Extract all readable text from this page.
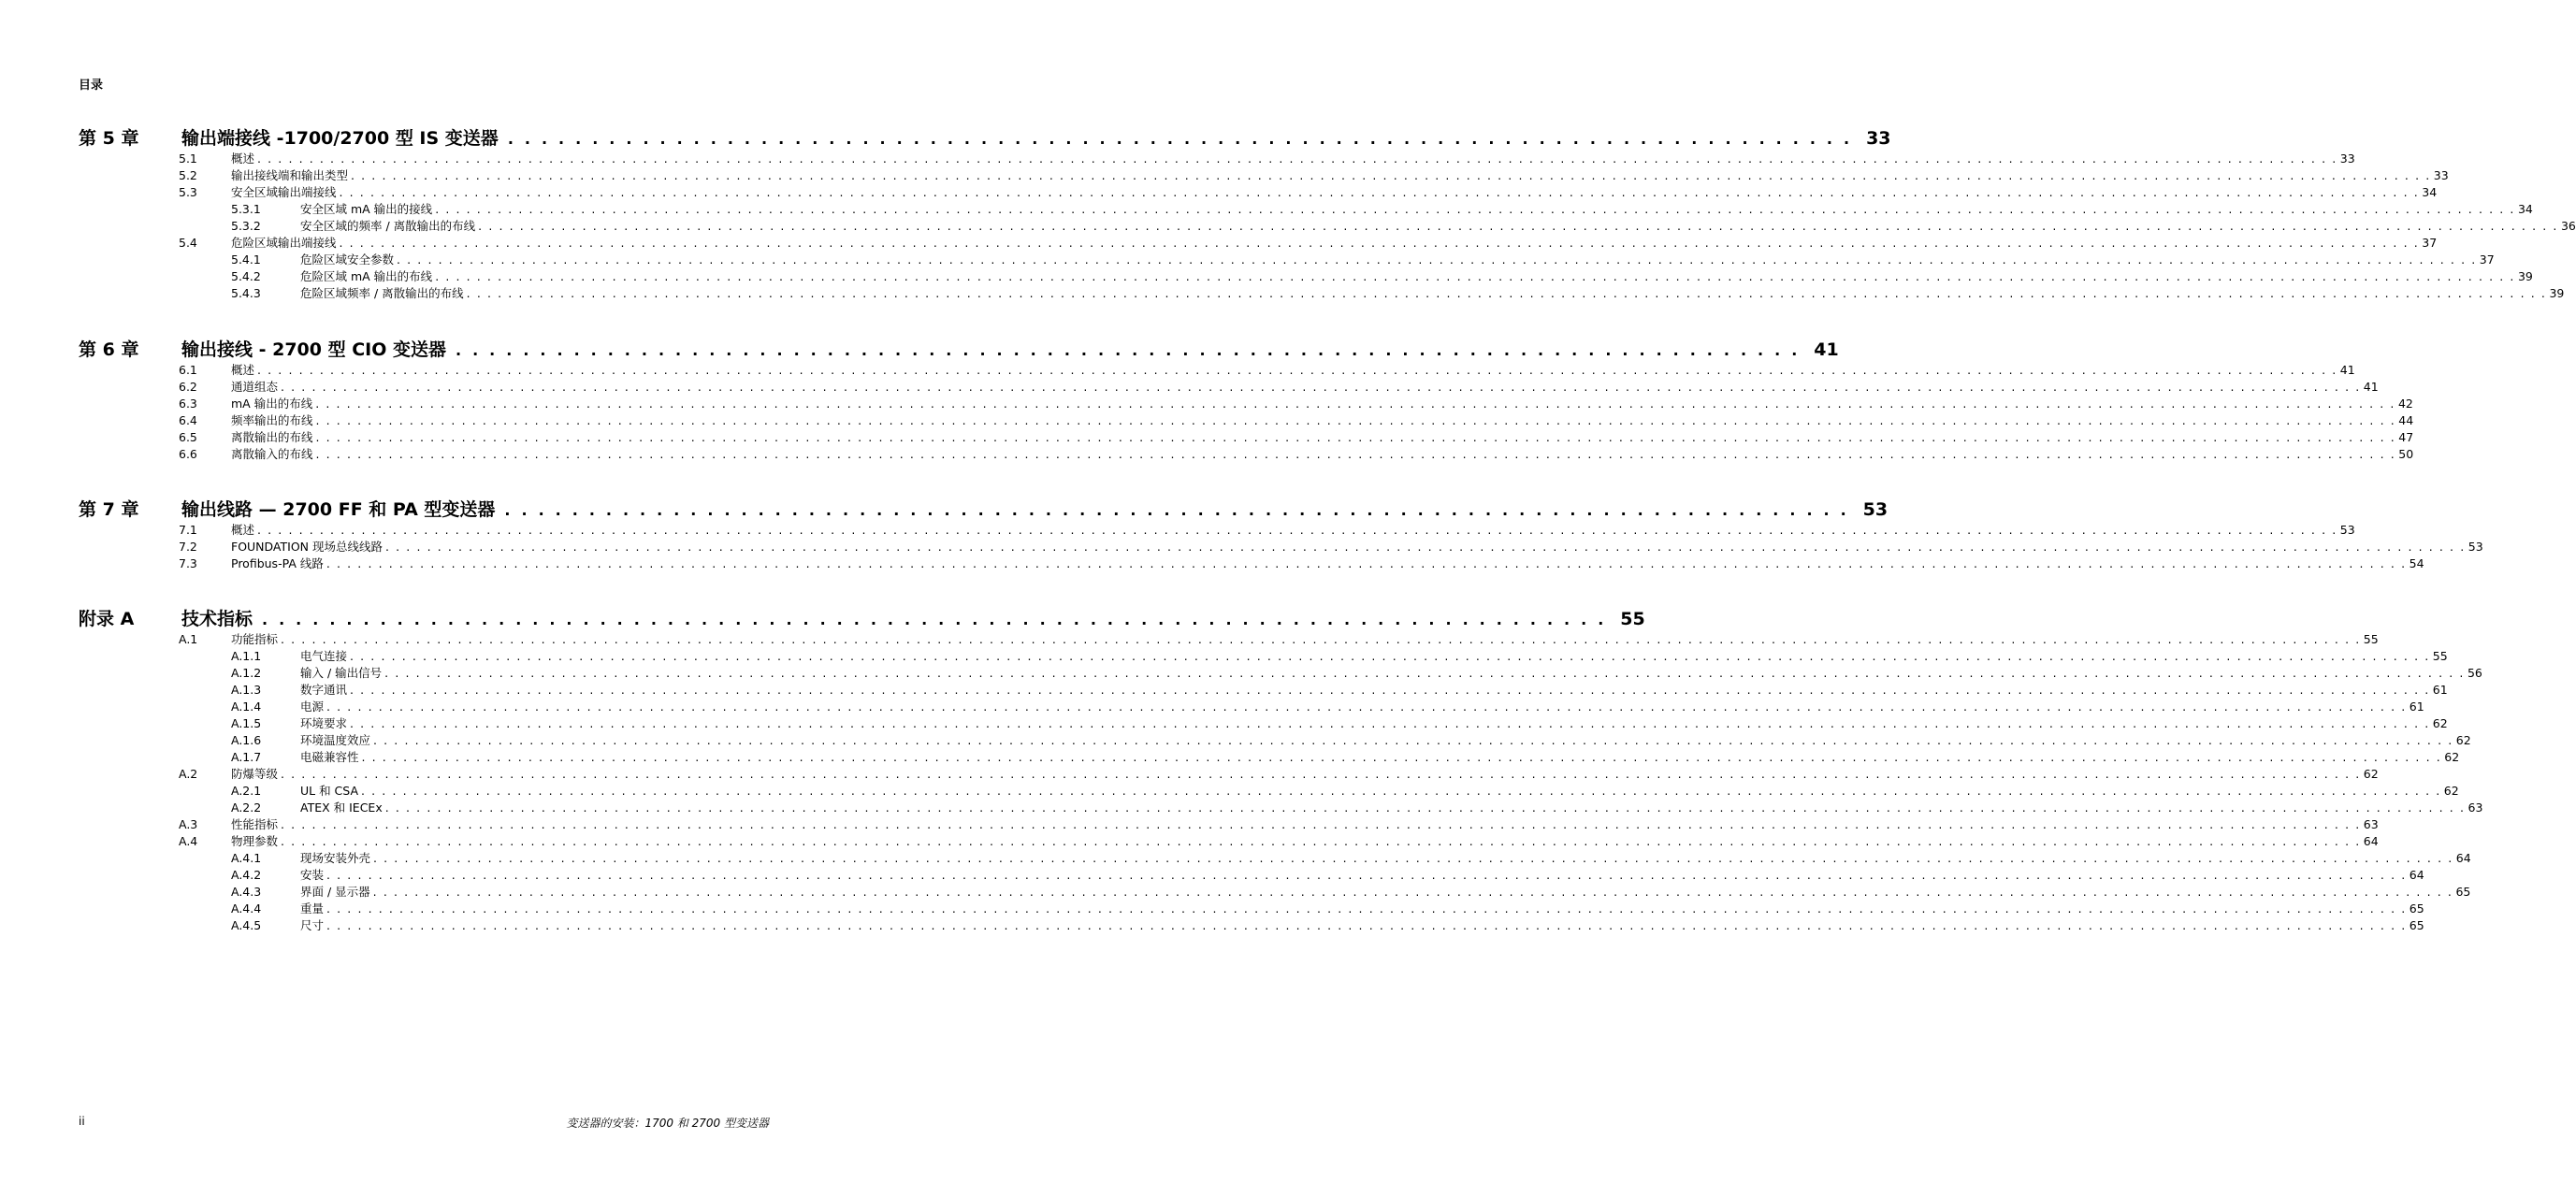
目录
第 5 章 输出端接线 -1700/2700 型 IS 变送器 ................................................................................ 33
5.1	概述 . . . . . . . . . . . . . . . . . . . . . . . . . . . . . . . . . . . . . . . . . . . . . . . . . . . . . . . . . . . . . . . . . . . . . . . . . . . . . . . . . . . . . . . . . . . . . . . . . . . . . . . . . . . . . . . . . . . . . . . . . . . . . . . . . . . . . . . . . . . . . . . . . . . . . . . . . . . . . . . . . . . . . . . . . . . . . . . . . . . . . . . . . . . . . . . . . . . . . . . . 33
5.2	输出接线端和输出类型 . . . . . . . . . . . . . . . . . . . . . . . . . . . . . . . . . . . . . . . . . . . . . . . . . . . . . . . . . . . . . . . . . . . . . . . . . . . . . . . . . . . . . . . . . . . . . . . . . . . . . . . . . . . . . . . . . . . . . . . . . . . . . . . . . . . . . . . . . . . . . . . . . . . . . . . . . . . . . . . . . . . . . . . . . . . . . . . . . . . . . . . . . . . . . . . . . . . . . . . . 33
5.3	安全区域输出端接线 . . . . . . . . . . . . . . . . . . . . . . . . . . . . . . . . . . . . . . . . . . . . . . . . . . . . . . . . . . . . . . . . . . . . . . . . . . . . . . . . . . . . . . . . . . . . . . . . . . . . . . . . . . . . . . . . . . . . . . . . . . . . . . . . . . . . . . . . . . . . . . . . . . . . . . . . . . . . . . . . . . . . . . . . . . . . . . . . . . . . . . . . . . . . . . . . . . . . . . . . 34
5.3.1	安全区域 mA 输出的接线 . . . . . . . . . . . . . . . . . . . . . . . . . . . . . . . . . . . . . . . . . . . . . . . . . . . . . . . . . . . . . . . . . . . . . . . . . . . . . . . . . . . . . . . . . . . . . . . . . . . . . . . . . . . . . . . . . . . . . . . . . . . . . . . . . . . . . . . . . . . . . . . . . . . . . . . . . . . . . . . . . . . . . . . . . . . . . . . . . . . . . . . . . . . . . . . . . . . . . . . . 34
5.3.2	安全区域的频率 / 离散输出的布线 . . . . . . . . . . . . . . . . . . . . . . . . . . . . . . . . . . . . . . . . . . . . . . . . . . . . . . . . . . . . . . . . . . . . . . . . . . . . . . . . . . . . . . . . . . . . . . . . . . . . . . . . . . . . . . . . . . . . . . . . . . . . . . . . . . . . . . . . . . . . . . . . . . . . . . . . . . . . . . . . . . . . . . . . . . . . . . . . . . . . . . . . . . . . . . . . . . . . . . . . 36
5.4	危险区域输出端接线 . . . . . . . . . . . . . . . . . . . . . . . . . . . . . . . . . . . . . . . . . . . . . . . . . . . . . . . . . . . . . . . . . . . . . . . . . . . . . . . . . . . . . . . . . . . . . . . . . . . . . . . . . . . . . . . . . . . . . . . . . . . . . . . . . . . . . . . . . . . . . . . . . . . . . . . . . . . . . . . . . . . . . . . . . . . . . . . . . . . . . . . . . . . . . . . . . . . . . . . . 37
5.4.1	危险区域安全参数 . . . . . . . . . . . . . . . . . . . . . . . . . . . . . . . . . . . . . . . . . . . . . . . . . . . . . . . . . . . . . . . . . . . . . . . . . . . . . . . . . . . . . . . . . . . . . . . . . . . . . . . . . . . . . . . . . . . . . . . . . . . . . . . . . . . . . . . . . . . . . . . . . . . . . . . . . . . . . . . . . . . . . . . . . . . . . . . . . . . . . . . . . . . . . . . . . . . . . . . . 37
5.4.2	危险区域 mA 输出的布线 . . . . . . . . . . . . . . . . . . . . . . . . . . . . . . . . . . . . . . . . . . . . . . . . . . . . . . . . . . . . . . . . . . . . . . . . . . . . . . . . . . . . . . . . . . . . . . . . . . . . . . . . . . . . . . . . . . . . . . . . . . . . . . . . . . . . . . . . . . . . . . . . . . . . . . . . . . . . . . . . . . . . . . . . . . . . . . . . . . . . . . . . . . . . . . . . . . . . . . . . 39
5.4.3	危险区域频率 / 离散输出的布线 . . . . . . . . . . . . . . . . . . . . . . . . . . . . . . . . . . . . . . . . . . . . . . . . . . . . . . . . . . . . . . . . . . . . . . . . . . . . . . . . . . . . . . . . . . . . . . . . . . . . . . . . . . . . . . . . . . . . . . . . . . . . . . . . . . . . . . . . . . . . . . . . . . . . . . . . . . . . . . . . . . . . . . . . . . . . . . . . . . . . . . . . . . . . . . . . . . . . . . . . 39
第 6 章 输出接线 - 2700 型 CIO 变送器 ................................................................................ 41
6.1	概述 . . . . . . . . . . . . . . . . . . . . . . . . . . . . . . . . . . . . . . . . . . . . . . . . . . . . . . . . . . . . . . . . . . . . . . . . . . . . . . . . . . . . . . . . . . . . . . . . . . . . . . . . . . . . . . . . . . . . . . . . . . . . . . . . . . . . . . . . . . . . . . . . . . . . . . . . . . . . . . . . . . . . . . . . . . . . . . . . . . . . . . . . . . . . . . . . . . . . . . . . 41
6.2	通道组态 . . . . . . . . . . . . . . . . . . . . . . . . . . . . . . . . . . . . . . . . . . . . . . . . . . . . . . . . . . . . . . . . . . . . . . . . . . . . . . . . . . . . . . . . . . . . . . . . . . . . . . . . . . . . . . . . . . . . . . . . . . . . . . . . . . . . . . . . . . . . . . . . . . . . . . . . . . . . . . . . . . . . . . . . . . . . . . . . . . . . . . . . . . . . . . . . . . . . . . . . 41
6.3	mA 输出的布线 . . . . . . . . . . . . . . . . . . . . . . . . . . . . . . . . . . . . . . . . . . . . . . . . . . . . . . . . . . . . . . . . . . . . . . . . . . . . . . . . . . . . . . . . . . . . . . . . . . . . . . . . . . . . . . . . . . . . . . . . . . . . . . . . . . . . . . . . . . . . . . . . . . . . . . . . . . . . . . . . . . . . . . . . . . . . . . . . . . . . . . . . . . . . . . . . . . . . . . . . 42
6.4	频率输出的布线 . . . . . . . . . . . . . . . . . . . . . . . . . . . . . . . . . . . . . . . . . . . . . . . . . . . . . . . . . . . . . . . . . . . . . . . . . . . . . . . . . . . . . . . . . . . . . . . . . . . . . . . . . . . . . . . . . . . . . . . . . . . . . . . . . . . . . . . . . . . . . . . . . . . . . . . . . . . . . . . . . . . . . . . . . . . . . . . . . . . . . . . . . . . . . . . . . . . . . . . . 44
6.5	离散输出的布线 . . . . . . . . . . . . . . . . . . . . . . . . . . . . . . . . . . . . . . . . . . . . . . . . . . . . . . . . . . . . . . . . . . . . . . . . . . . . . . . . . . . . . . . . . . . . . . . . . . . . . . . . . . . . . . . . . . . . . . . . . . . . . . . . . . . . . . . . . . . . . . . . . . . . . . . . . . . . . . . . . . . . . . . . . . . . . . . . . . . . . . . . . . . . . . . . . . . . . . . . 47
6.6	离散输入的布线 . . . . . . . . . . . . . . . . . . . . . . . . . . . . . . . . . . . . . . . . . . . . . . . . . . . . . . . . . . . . . . . . . . . . . . . . . . . . . . . . . . . . . . . . . . . . . . . . . . . . . . . . . . . . . . . . . . . . . . . . . . . . . . . . . . . . . . . . . . . . . . . . . . . . . . . . . . . . . . . . . . . . . . . . . . . . . . . . . . . . . . . . . . . . . . . . . . . . . . . . 50
第 7 章 输出线路 — 2700 FF 和 PA 型变送器 ................................................................................ 53
7.1	概述 . . . . . . . . . . . . . . . . . . . . . . . . . . . . . . . . . . . . . . . . . . . . . . . . . . . . . . . . . . . . . . . . . . . . . . . . . . . . . . . . . . . . . . . . . . . . . . . . . . . . . . . . . . . . . . . . . . . . . . . . . . . . . . . . . . . . . . . . . . . . . . . . . . . . . . . . . . . . . . . . . . . . . . . . . . . . . . . . . . . . . . . . . . . . . . . . . . . . . . . . 53
7.2	FOUNDATION 现场总线线路 . . . . . . . . . . . . . . . . . . . . . . . . . . . . . . . . . . . . . . . . . . . . . . . . . . . . . . . . . . . . . . . . . . . . . . . . . . . . . . . . . . . . . . . . . . . . . . . . . . . . . . . . . . . . . . . . . . . . . . . . . . . . . . . . . . . . . . . . . . . . . . . . . . . . . . . . . . . . . . . . . . . . . . . . . . . . . . . . . . . . . . . . . . . . . . . . . . . . . . . . 53
7.3	Profibus-PA 线路 . . . . . . . . . . . . . . . . . . . . . . . . . . . . . . . . . . . . . . . . . . . . . . . . . . . . . . . . . . . . . . . . . . . . . . . . . . . . . . . . . . . . . . . . . . . . . . . . . . . . . . . . . . . . . . . . . . . . . . . . . . . . . . . . . . . . . . . . . . . . . . . . . . . . . . . . . . . . . . . . . . . . . . . . . . . . . . . . . . . . . . . . . . . . . . . . . . . . . . . . 54
附录 A	技术指标 ................................................................................ 55
A.1	功能指标 . . . . . . . . . . . . . . . . . . . . . . . . . . . . . . . . . . . . . . . . . . . . . . . . . . . . . . . . . . . . . . . . . . . . . . . . . . . . . . . . . . . . . . . . . . . . . . . . . . . . . . . . . . . . . . . . . . . . . . . . . . . . . . . . . . . . . . . . . . . . . . . . . . . . . . . . . . . . . . . . . . . . . . . . . . . . . . . . . . . . . . . . . . . . . . . . . . . . . . . . 55
A.1.1	电气连接 . . . . . . . . . . . . . . . . . . . . . . . . . . . . . . . . . . . . . . . . . . . . . . . . . . . . . . . . . . . . . . . . . . . . . . . . . . . . . . . . . . . . . . . . . . . . . . . . . . . . . . . . . . . . . . . . . . . . . . . . . . . . . . . . . . . . . . . . . . . . . . . . . . . . . . . . . . . . . . . . . . . . . . . . . . . . . . . . . . . . . . . . . . . . . . . . . . . . . . . . 55
A.1.2	输入 / 输出信号 . . . . . . . . . . . . . . . . . . . . . . . . . . . . . . . . . . . . . . . . . . . . . . . . . . . . . . . . . . . . . . . . . . . . . . . . . . . . . . . . . . . . . . . . . . . . . . . . . . . . . . . . . . . . . . . . . . . . . . . . . . . . . . . . . . . . . . . . . . . . . . . . . . . . . . . . . . . . . . . . . . . . . . . . . . . . . . . . . . . . . . . . . . . . . . . . . . . . . . . . 56
A.1.3	数字通讯 . . . . . . . . . . . . . . . . . . . . . . . . . . . . . . . . . . . . . . . . . . . . . . . . . . . . . . . . . . . . . . . . . . . . . . . . . . . . . . . . . . . . . . . . . . . . . . . . . . . . . . . . . . . . . . . . . . . . . . . . . . . . . . . . . . . . . . . . . . . . . . . . . . . . . . . . . . . . . . . . . . . . . . . . . . . . . . . . . . . . . . . . . . . . . . . . . . . . . . . . 61
A.1.4	电源 . . . . . . . . . . . . . . . . . . . . . . . . . . . . . . . . . . . . . . . . . . . . . . . . . . . . . . . . . . . . . . . . . . . . . . . . . . . . . . . . . . . . . . . . . . . . . . . . . . . . . . . . . . . . . . . . . . . . . . . . . . . . . . . . . . . . . . . . . . . . . . . . . . . . . . . . . . . . . . . . . . . . . . . . . . . . . . . . . . . . . . . . . . . . . . . . . . . . . . . . 61
A.1.5	环境要求 . . . . . . . . . . . . . . . . . . . . . . . . . . . . . . . . . . . . . . . . . . . . . . . . . . . . . . . . . . . . . . . . . . . . . . . . . . . . . . . . . . . . . . . . . . . . . . . . . . . . . . . . . . . . . . . . . . . . . . . . . . . . . . . . . . . . . . . . . . . . . . . . . . . . . . . . . . . . . . . . . . . . . . . . . . . . . . . . . . . . . . . . . . . . . . . . . . . . . . . . 62
A.1.6	环境温度效应 . . . . . . . . . . . . . . . . . . . . . . . . . . . . . . . . . . . . . . . . . . . . . . . . . . . . . . . . . . . . . . . . . . . . . . . . . . . . . . . . . . . . . . . . . . . . . . . . . . . . . . . . . . . . . . . . . . . . . . . . . . . . . . . . . . . . . . . . . . . . . . . . . . . . . . . . . . . . . . . . . . . . . . . . . . . . . . . . . . . . . . . . . . . . . . . . . . . . . . . . 62
A.1.7	电磁兼容性 . . . . . . . . . . . . . . . . . . . . . . . . . . . . . . . . . . . . . . . . . . . . . . . . . . . . . . . . . . . . . . . . . . . . . . . . . . . . . . . . . . . . . . . . . . . . . . . . . . . . . . . . . . . . . . . . . . . . . . . . . . . . . . . . . . . . . . . . . . . . . . . . . . . . . . . . . . . . . . . . . . . . . . . . . . . . . . . . . . . . . . . . . . . . . . . . . . . . . . . . 62
A.2	防爆等级 . . . . . . . . . . . . . . . . . . . . . . . . . . . . . . . . . . . . . . . . . . . . . . . . . . . . . . . . . . . . . . . . . . . . . . . . . . . . . . . . . . . . . . . . . . . . . . . . . . . . . . . . . . . . . . . . . . . . . . . . . . . . . . . . . . . . . . . . . . . . . . . . . . . . . . . . . . . . . . . . . . . . . . . . . . . . . . . . . . . . . . . . . . . . . . . . . . . . . . . . 62
A.2.1	UL 和 CSA . . . . . . . . . . . . . . . . . . . . . . . . . . . . . . . . . . . . . . . . . . . . . . . . . . . . . . . . . . . . . . . . . . . . . . . . . . . . . . . . . . . . . . . . . . . . . . . . . . . . . . . . . . . . . . . . . . . . . . . . . . . . . . . . . . . . . . . . . . . . . . . . . . . . . . . . . . . . . . . . . . . . . . . . . . . . . . . . . . . . . . . . . . . . . . . . . . . . . . . . 62
A.2.2	ATEX 和 IECEx . . . . . . . . . . . . . . . . . . . . . . . . . . . . . . . . . . . . . . . . . . . . . . . . . . . . . . . . . . . . . . . . . . . . . . . . . . . . . . . . . . . . . . . . . . . . . . . . . . . . . . . . . . . . . . . . . . . . . . . . . . . . . . . . . . . . . . . . . . . . . . . . . . . . . . . . . . . . . . . . . . . . . . . . . . . . . . . . . . . . . . . . . . . . . . . . . . . . . . . . 63
A.3	性能指标 . . . . . . . . . . . . . . . . . . . . . . . . . . . . . . . . . . . . . . . . . . . . . . . . . . . . . . . . . . . . . . . . . . . . . . . . . . . . . . . . . . . . . . . . . . . . . . . . . . . . . . . . . . . . . . . . . . . . . . . . . . . . . . . . . . . . . . . . . . . . . . . . . . . . . . . . . . . . . . . . . . . . . . . . . . . . . . . . . . . . . . . . . . . . . . . . . . . . . . . . 63
A.4	物理参数 . . . . . . . . . . . . . . . . . . . . . . . . . . . . . . . . . . . . . . . . . . . . . . . . . . . . . . . . . . . . . . . . . . . . . . . . . . . . . . . . . . . . . . . . . . . . . . . . . . . . . . . . . . . . . . . . . . . . . . . . . . . . . . . . . . . . . . . . . . . . . . . . . . . . . . . . . . . . . . . . . . . . . . . . . . . . . . . . . . . . . . . . . . . . . . . . . . . . . . . . 64
A.4.1	现场安装外壳 . . . . . . . . . . . . . . . . . . . . . . . . . . . . . . . . . . . . . . . . . . . . . . . . . . . . . . . . . . . . . . . . . . . . . . . . . . . . . . . . . . . . . . . . . . . . . . . . . . . . . . . . . . . . . . . . . . . . . . . . . . . . . . . . . . . . . . . . . . . . . . . . . . . . . . . . . . . . . . . . . . . . . . . . . . . . . . . . . . . . . . . . . . . . . . . . . . . . . . . . 64
A.4.2	安装 . . . . . . . . . . . . . . . . . . . . . . . . . . . . . . . . . . . . . . . . . . . . . . . . . . . . . . . . . . . . . . . . . . . . . . . . . . . . . . . . . . . . . . . . . . . . . . . . . . . . . . . . . . . . . . . . . . . . . . . . . . . . . . . . . . . . . . . . . . . . . . . . . . . . . . . . . . . . . . . . . . . . . . . . . . . . . . . . . . . . . . . . . . . . . . . . . . . . . . . . 64
A.4.3	界面 / 显示器 . . . . . . . . . . . . . . . . . . . . . . . . . . . . . . . . . . . . . . . . . . . . . . . . . . . . . . . . . . . . . . . . . . . . . . . . . . . . . . . . . . . . . . . . . . . . . . . . . . . . . . . . . . . . . . . . . . . . . . . . . . . . . . . . . . . . . . . . . . . . . . . . . . . . . . . . . . . . . . . . . . . . . . . . . . . . . . . . . . . . . . . . . . . . . . . . . . . . . . . . 65
A.4.4	重量 . . . . . . . . . . . . . . . . . . . . . . . . . . . . . . . . . . . . . . . . . . . . . . . . . . . . . . . . . . . . . . . . . . . . . . . . . . . . . . . . . . . . . . . . . . . . . . . . . . . . . . . . . . . . . . . . . . . . . . . . . . . . . . . . . . . . . . . . . . . . . . . . . . . . . . . . . . . . . . . . . . . . . . . . . . . . . . . . . . . . . . . . . . . . . . . . . . . . . . . . 65
A.4.5	尺寸 . . . . . . . . . . . . . . . . . . . . . . . . . . . . . . . . . . . . . . . . . . . . . . . . . . . . . . . . . . . . . . . . . . . . . . . . . . . . . . . . . . . . . . . . . . . . . . . . . . . . . . . . . . . . . . . . . . . . . . . . . . . . . . . . . . . . . . . . . . . . . . . . . . . . . . . . . . . . . . . . . . . . . . . . . . . . . . . . . . . . . . . . . . . . . . . . . . . . . . . . 65
ii	变送器的安装：1700 和 2700 型变送器
